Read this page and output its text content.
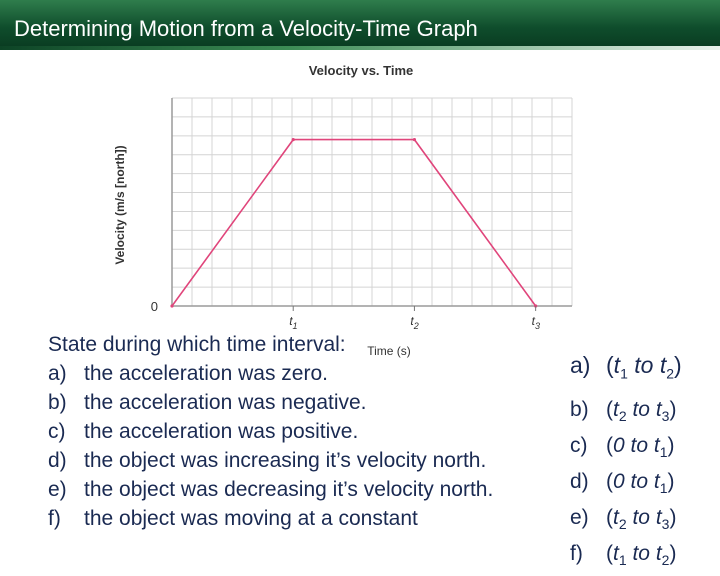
Determining Motion from a Velocity-Time Graph
$t_1$	$t_2$	$t_3$
0
Velocity vs. Time
Velocity (m/s [north])
Time (s)
State during which time interval:
a) the acceleration was zero.
b) the acceleration was negative.
c) the acceleration was positive.
d) the object was increasing it’s velocity north.
e) the object was decreasing it’s velocity north.
f)	the object was moving at a constant
a) ($t_1$ to $t_2$)
b) ($t_2$ to $t_3$)
c) (0 to $t_1$)
d) (0 to $t_1$)
e) ($t_2$ to $t_3$)
f)	($t_1$ to $t_2$)
